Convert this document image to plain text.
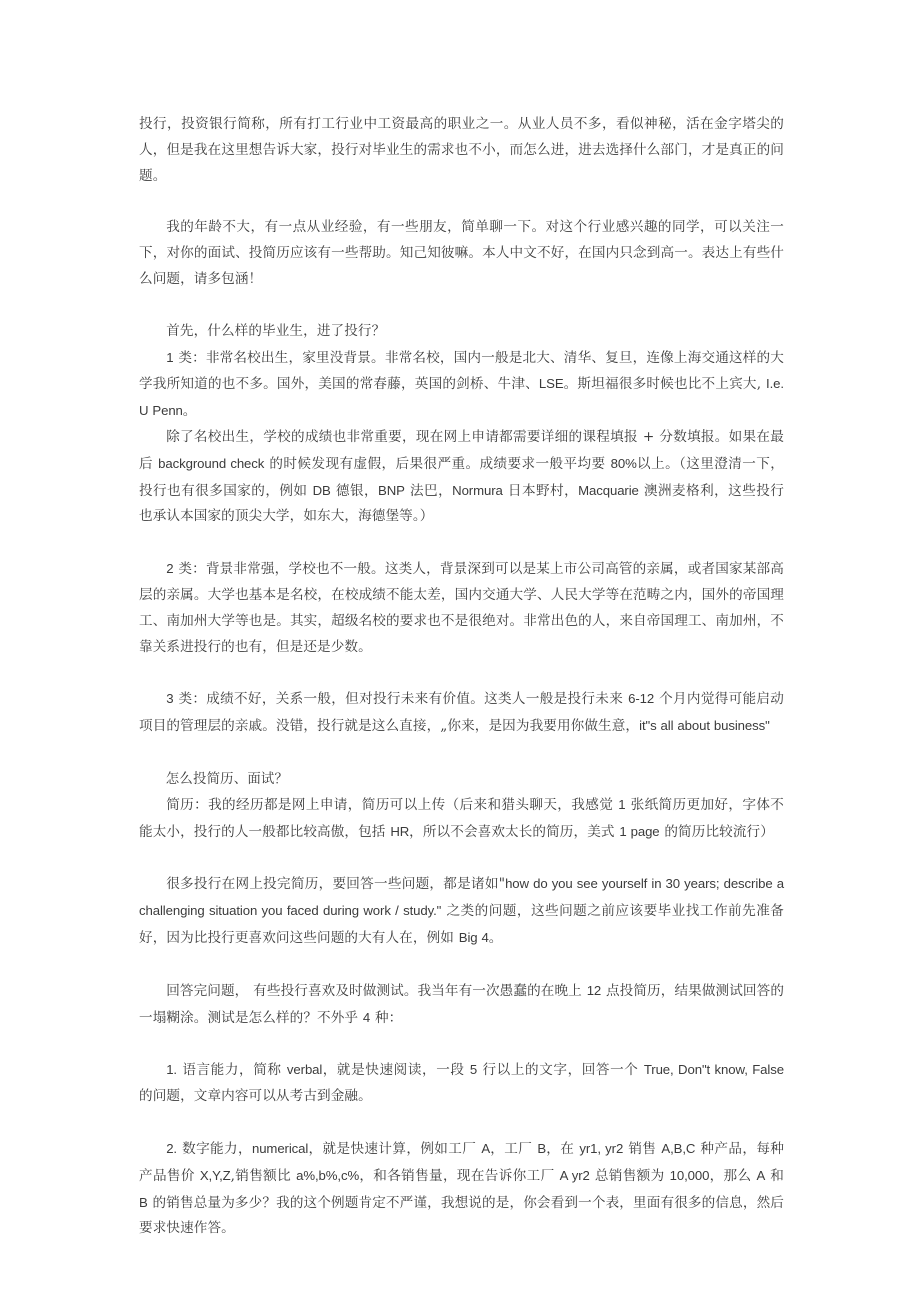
投行，投资银行简称，所有打工行业中工资最高的职业之一。从业人员不多，看似神秘，活在金字塔尖的人，但是我在这里想告诉大家，投行对毕业生的需求也不小，而怎么进，进去选择什么部门，才是真正的问题。

我的年龄不大，有一点从业经验，有一些朋友，简单聊一下。对这个行业感兴趣的同学，可以关注一下，对你的面试、投简历应该有一些帮助。知己知彼嘛。本人中文不好，在国内只念到高一。表达上有些什么问题，请多包涵！

首先，什么样的毕业生，进了投行？

1 类：非常名校出生，家里没背景。非常名校，国内一般是北大、清华、复旦，连像上海交通这样的大学我所知道的也不多。国外，美国的常春藤，英国的剑桥、牛津、LSE。斯坦福很多时候也比不上宾大, I.e. U Penn。

除了名校出生，学校的成绩也非常重要，现在网上申请都需要详细的课程填报 + 分数填报。如果在最后 background check 的时候发现有虚假，后果很严重。成绩要求一般平均要 80%以上。（这里澄清一下，投行也有很多国家的，例如 DB 德银，BNP 法巴，Normura 日本野村，Macquarie 澳洲麦格利，这些投行也承认本国家的顶尖大学，如东大，海德堡等。）

2 类：背景非常强，学校也不一般。这类人，背景深到可以是某上市公司高管的亲属，或者国家某部高层的亲属。大学也基本是名校，在校成绩不能太差，国内交通大学、人民大学等在范畴之内，国外的帝国理工、南加州大学等也是。其实，超级名校的要求也不是很绝对。非常出色的人，来自帝国理工、南加州，不靠关系进投行的也有，但是还是少数。

3 类：成绩不好，关系一般，但对投行未来有价值。这类人一般是投行未来 6-12 个月内觉得可能启动项目的管理层的亲戚。没错，投行就是这么直接，„你来，是因为我要用你做生意，it"s all about business"

怎么投简历、面试？

简历：我的经历都是网上申请，简历可以上传（后来和猎头聊天，我感觉 1 张纸简历更加好，字体不能太小，投行的人一般都比较高傲，包括 HR，所以不会喜欢太长的简历，美式 1 page 的简历比较流行）

很多投行在网上投完简历，要回答一些问题，都是诸如"how do you see yourself in 30 years; describe a challenging situation you faced during work / study." 之类的问题，这些问题之前应该要毕业找工作前先准备好，因为比投行更喜欢问这些问题的大有人在，例如 Big 4。

回答完问题， 有些投行喜欢及时做测试。我当年有一次愚蠢的在晚上 12 点投简历，结果做测试回答的一塌糊涂。测试是怎么样的？不外乎 4 种：

1. 语言能力，简称 verbal，就是快速阅读，一段 5 行以上的文字，回答一个 True, Don"t know, False 的问题，文章内容可以从考古到金融。

2. 数字能力，numerical，就是快速计算，例如工厂 A，工厂 B，在 yr1, yr2 销售 A,B,C 种产品，每种产品售价 X,Y,Z,销售额比 a%,b%,c%，和各销售量，现在告诉你工厂 A yr2 总销售额为 10,000，那么 A 和 B 的销售总量为多少？我的这个例题肯定不严谨，我想说的是，你会看到一个表，里面有很多的信息，然后要求快速作答。
